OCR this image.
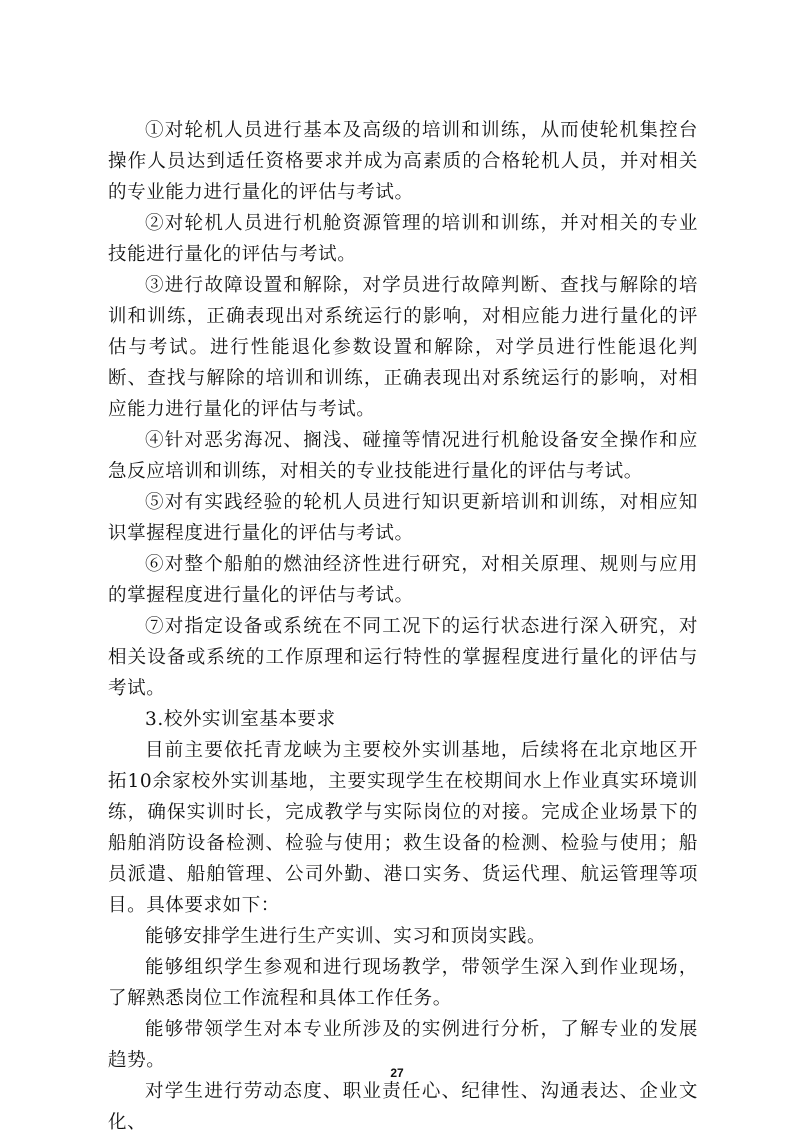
①对轮机人员进行基本及高级的培训和训练，从而使轮机集控台操作人员达到适任资格要求并成为高素质的合格轮机人员，并对相关的专业能力进行量化的评估与考试。

②对轮机人员进行机舱资源管理的培训和训练，并对相关的专业技能进行量化的评估与考试。

③进行故障设置和解除，对学员进行故障判断、查找与解除的培训和训练，正确表现出对系统运行的影响，对相应能力进行量化的评估与考试。进行性能退化参数设置和解除，对学员进行性能退化判断、查找与解除的培训和训练，正确表现出对系统运行的影响，对相应能力进行量化的评估与考试。

④针对恶劣海况、搁浅、碰撞等情况进行机舱设备安全操作和应急反应培训和训练，对相关的专业技能进行量化的评估与考试。

⑤对有实践经验的轮机人员进行知识更新培训和训练，对相应知识掌握程度进行量化的评估与考试。

⑥对整个船舶的燃油经济性进行研究，对相关原理、规则与应用的掌握程度进行量化的评估与考试。

⑦对指定设备或系统在不同工况下的运行状态进行深入研究，对相关设备或系统的工作原理和运行特性的掌握程度进行量化的评估与考试。

3.校外实训室基本要求

目前主要依托青龙峡为主要校外实训基地，后续将在北京地区开拓10余家校外实训基地，主要实现学生在校期间水上作业真实环境训练，确保实训时长，完成教学与实际岗位的对接。完成企业场景下的船舶消防设备检测、检验与使用；救生设备的检测、检验与使用；船员派遣、船舶管理、公司外勤、港口实务、货运代理、航运管理等项目。具体要求如下：

能够安排学生进行生产实训、实习和顶岗实践。

能够组织学生参观和进行现场教学，带领学生深入到作业现场，了解熟悉岗位工作流程和具体工作任务。

能够带领学生对本专业所涉及的实例进行分析，了解专业的发展趋势。

对学生进行劳动态度、职业责任心、纪律性、沟通表达、企业文化、

27
